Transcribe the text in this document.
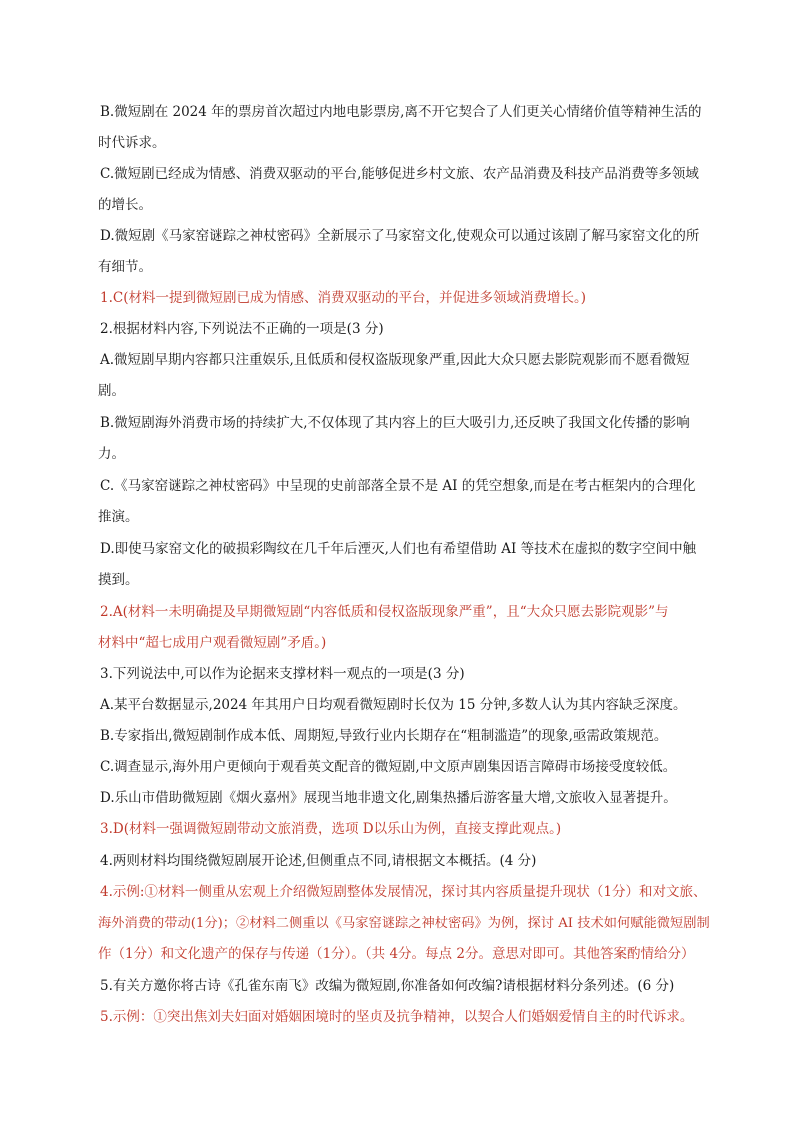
B.微短剧在 2024 年的票房首次超过内地电影票房,离不开它契合了人们更关心情绪价值等精神生活的
时代诉求。

C.微短剧已经成为情感、消费双驱动的平台,能够促进乡村文旅、农产品消费及科技产品消费等多领域
的增长。

D.微短剧《马家窑谜踪之神杖密码》全新展示了马家窑文化,使观众可以通过该剧了解马家窑文化的所
有细节。

1.C(材料一提到微短剧已成为情感、消费双驱动的平台，并促进多领域消费增长。)

2.根据材料内容,下列说法不正确的一项是(3 分)

A.微短剧早期内容都只注重娱乐,且低质和侵权盗版现象严重,因此大众只愿去影院观影而不愿看微短
剧。

B.微短剧海外消费市场的持续扩大,不仅体现了其内容上的巨大吸引力,还反映了我国文化传播的影响
力。

C.《马家窑谜踪之神杖密码》中呈现的史前部落全景不是 AI 的凭空想象,而是在考古框架内的合理化
推演。

D.即使马家窑文化的破损彩陶纹在几千年后湮灭,人们也有希望借助 AI 等技术在虚拟的数字空间中触
摸到。

2.A(材料一未明确提及早期微短剧“内容低质和侵权盗版现象严重”，且“大众只愿去影院观影”与
材料中“超七成用户观看微短剧”矛盾。)

3.下列说法中,可以作为论据来支撑材料一观点的一项是(3 分)

A.某平台数据显示,2024 年其用户日均观看微短剧时长仅为 15 分钟,多数人认为其内容缺乏深度。

B.专家指出,微短剧制作成本低、周期短,导致行业内长期存在“粗制滥造”的现象,亟需政策规范。

C.调查显示,海外用户更倾向于观看英文配音的微短剧,中文原声剧集因语言障碍市场接受度较低。

D.乐山市借助微短剧《烟火嘉州》展现当地非遗文化,剧集热播后游客量大增,文旅收入显著提升。

3.D(材料一强调微短剧带动文旅消费，选项 D以乐山为例，直接支撑此观点。)

4.两则材料均围绕微短剧展开论述,但侧重点不同,请根据文本概括。(4 分)

4.示例:①材料一侧重从宏观上介绍微短剧整体发展情况，探讨其内容质量提升现状（1分）和对文旅、
海外消费的带动(1分)；②材料二侧重以《马家窑谜踪之神杖密码》为例，探讨 AI 技术如何赋能微短剧制
作（1分）和文化遗产的保存与传递（1分）。（共 4分。每点 2分。意思对即可。其他答案酌情给分）

5.有关方邀你将古诗《孔雀东南飞》改编为微短剧,你准备如何改编?请根据材料分条列述。(6 分)

5.示例：①突出焦刘夫妇面对婚姻困境时的坚贞及抗争精神，以契合人们婚姻爱情自主的时代诉求。
